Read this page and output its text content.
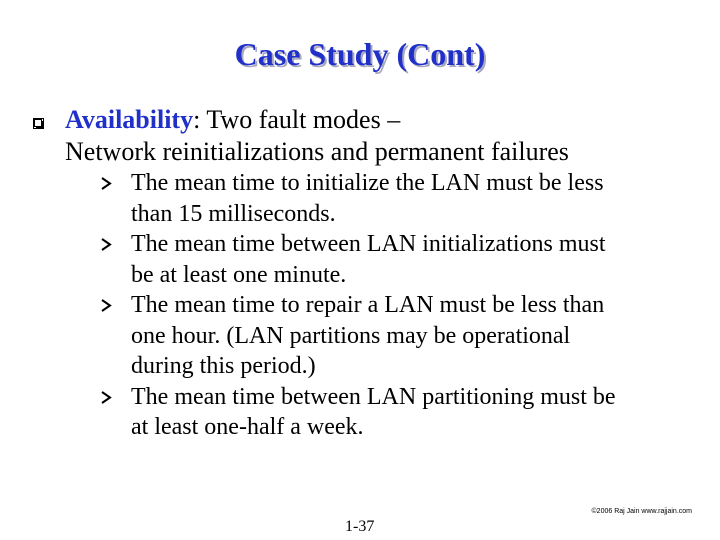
Case Study (Cont)
Availability: Two fault modes –
Network reinitializations and permanent failures
The mean time to initialize the LAN must be less
than 15 milliseconds.
The mean time between LAN initializations must
be at least one minute.
The mean time to repair a LAN must be less than
one hour. (LAN partitions may be operational
during this period.)
The mean time between LAN partitioning must be
at least one-half a week.
©2006 Raj Jain www.rajjain.com
1-37
